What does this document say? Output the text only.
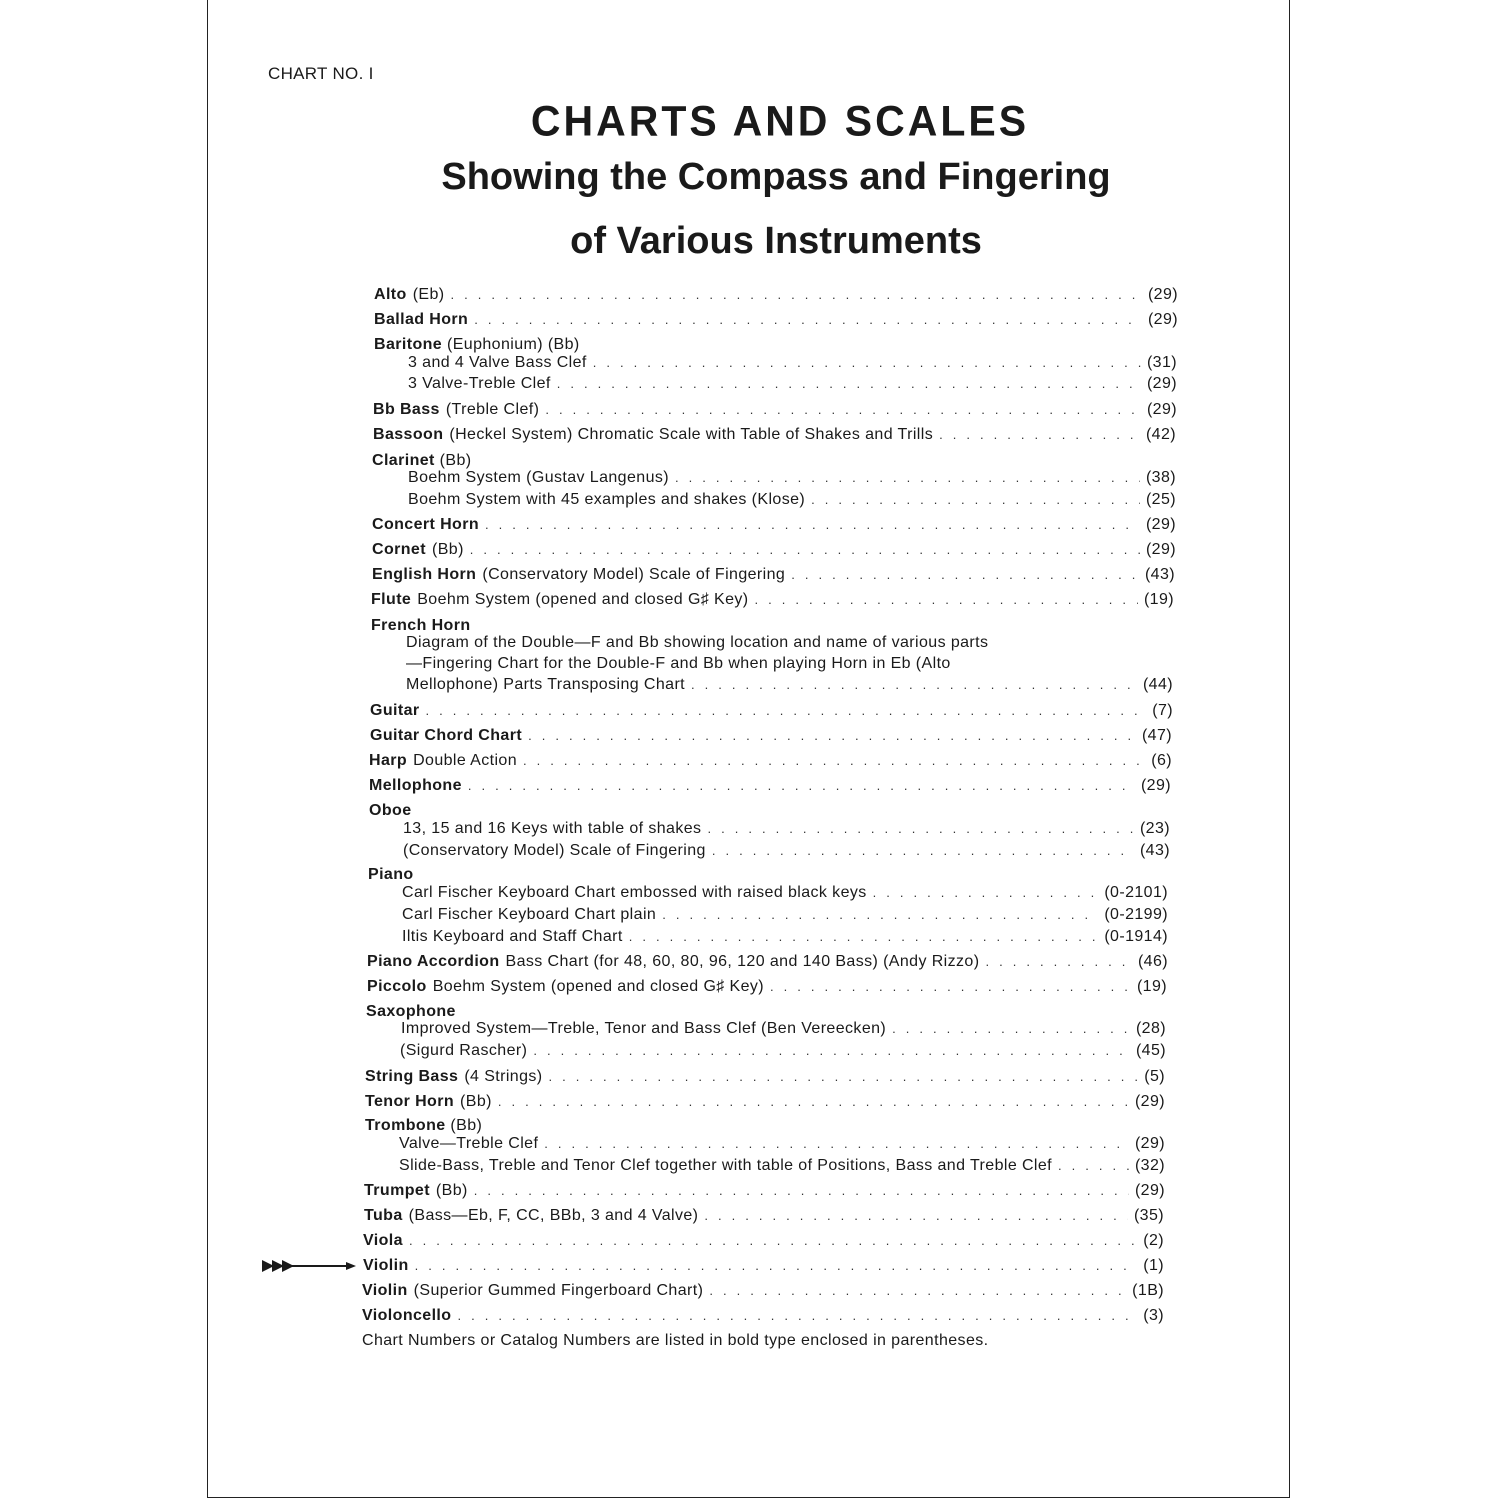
CHART NO. I
CHARTS AND SCALES
Showing the Compass and Fingering
of Various Instruments
Alto (Eb) . . .	(29)
Ballad Horn . . .	(29)
Baritone (Euphonium) (Bb)
3 and 4 Valve Bass Clef . . .	(31)
3 Valve-Treble Clef . . .	(29)
Bb Bass (Treble Clef) . . .	(29)
Bassoon (Heckel System) Chromatic Scale with Table of Shakes and Trills . . .	(42)
Clarinet (Bb)
Boehm System (Gustav Langenus) . . .	(38)
Boehm System with 45 examples and shakes (Klose) . . .	(25)
Concert Horn . . .	(29)
Cornet (Bb) . . .	(29)
English Horn (Conservatory Model) Scale of Fingering . . .	(43)
Flute Boehm System (opened and closed G♯ Key) . . .	(19)
French Horn
Diagram of the Double—F and Bb showing location and name of various parts
—Fingering Chart for the Double-F and Bb when playing Horn in Eb (Alto
Mellophone) Parts Transposing Chart . . .	(44)
Guitar . . .	(7)
Guitar Chord Chart . . .	(47)
Harp Double Action . . .	(6)
Mellophone . . .	(29)
Oboe
13, 15 and 16 Keys with table of shakes . . .	(23)
(Conservatory Model) Scale of Fingering . . .	(43)
Piano
Carl Fischer Keyboard Chart embossed with raised black keys . . .	(0-2101)
Carl Fischer Keyboard Chart plain . . .	(0-2199)
Iltis Keyboard and Staff Chart . . .	(0-1914)
Piano Accordion Bass Chart (for 48, 60, 80, 96, 120 and 140 Bass) (Andy Rizzo) . . .	(46)
Piccolo Boehm System (opened and closed G♯ Key) . . .	(19)
Saxophone
Improved System—Treble, Tenor and Bass Clef (Ben Vereecken) . . .	(28)
(Sigurd Rascher) . . .	(45)
String Bass (4 Strings) . . .	(5)
Tenor Horn (Bb) . . .	(29)
Trombone (Bb)
Valve—Treble Clef . . .	(29)
Slide-Bass, Treble and Tenor Clef together with table of Positions, Bass and Treble Clef . . .	(32)
Trumpet (Bb) . . .	(29)
Tuba (Bass—Eb, F, CC, BBb, 3 and 4 Valve) . . .	(35)
Viola . . .	(2)
Violin . . .	(1)
Violin (Superior Gummed Fingerboard Chart) . . .	(1B)
Violoncello . . .	(3)
Chart Numbers or Catalog Numbers are listed in bold type enclosed in parentheses.
